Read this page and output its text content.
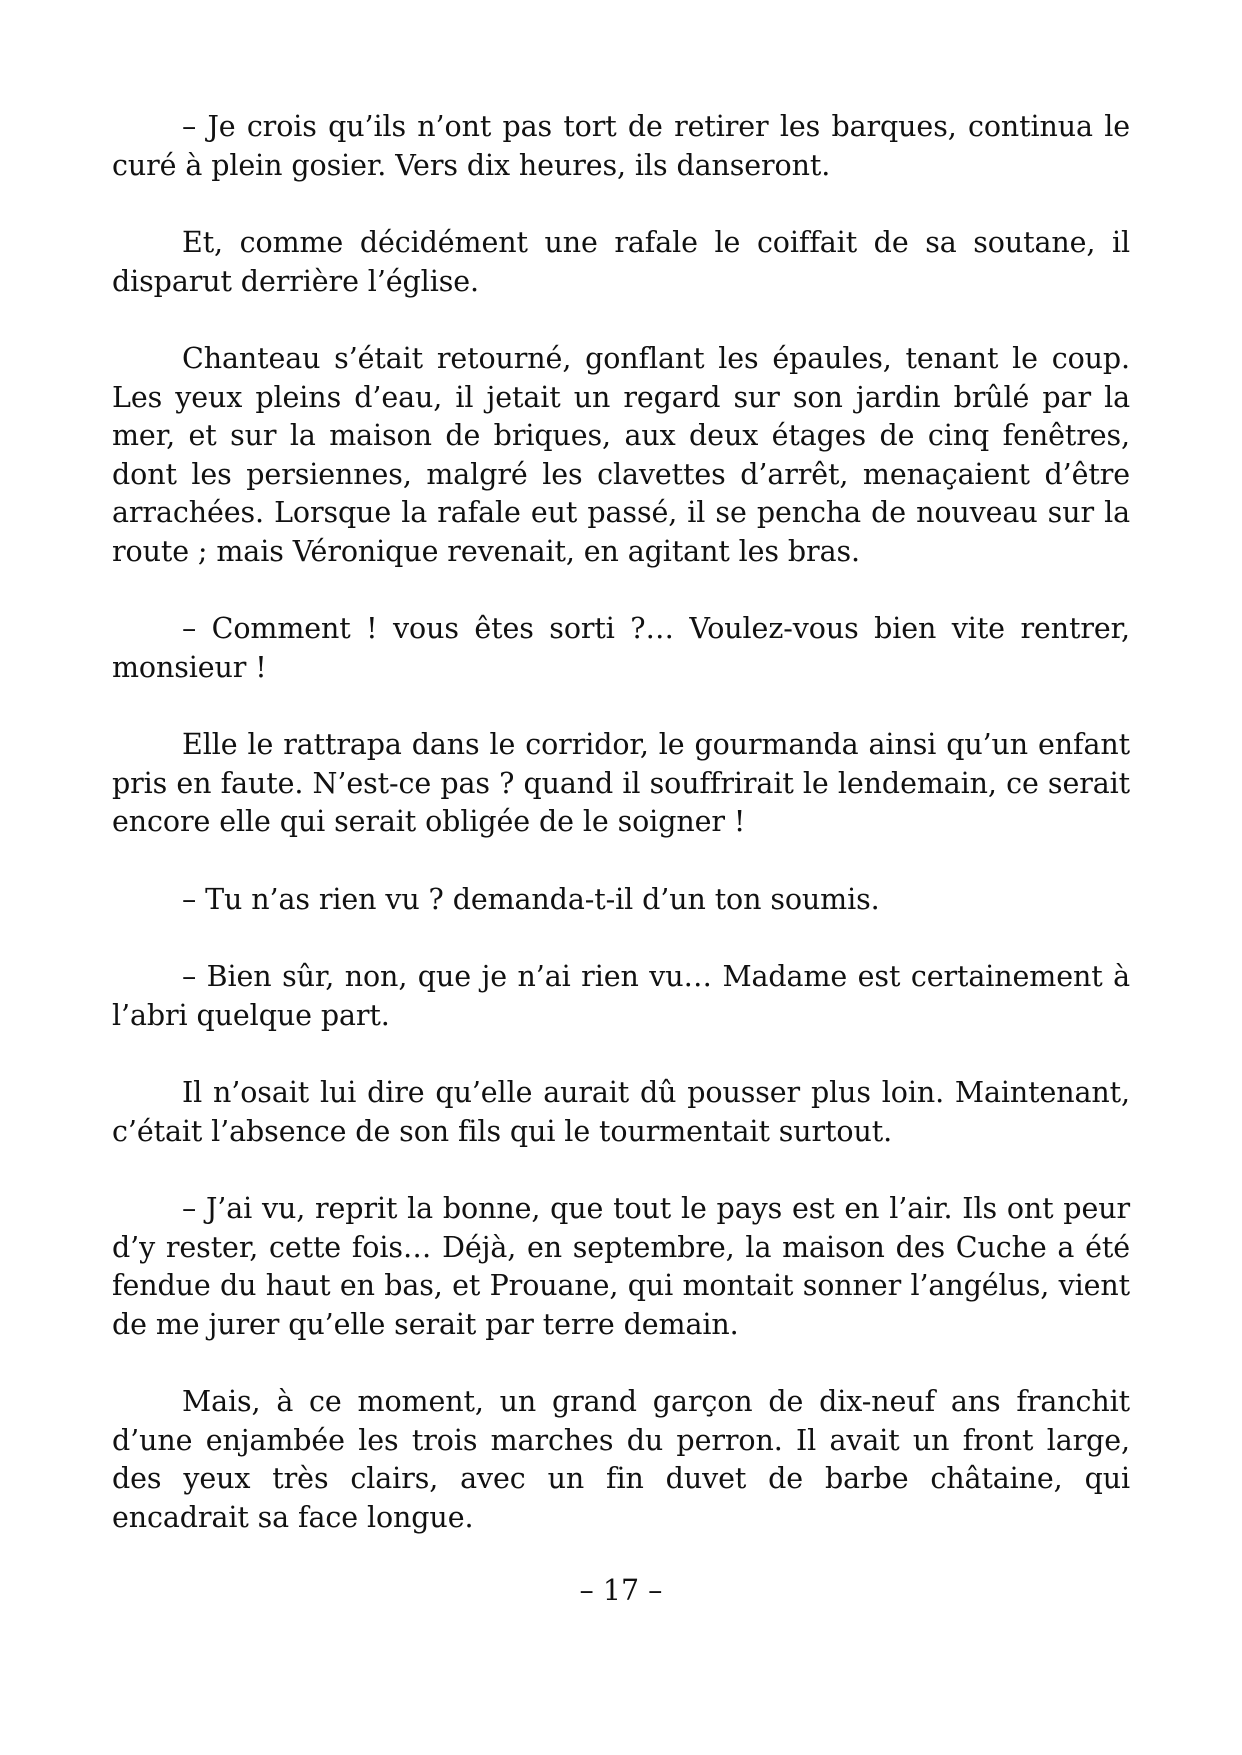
– Je crois qu’ils n’ont pas tort de retirer les barques, continua le curé à plein gosier. Vers dix heures, ils danseront.

Et, comme décidément une rafale le coiffait de sa soutane, il disparut derrière l’église.

Chanteau s’était retourné, gonflant les épaules, tenant le coup. Les yeux pleins d’eau, il jetait un regard sur son jardin brûlé par la mer, et sur la maison de briques, aux deux étages de cinq fenêtres, dont les persiennes, malgré les clavettes d’arrêt, menaçaient d’être arrachées. Lorsque la rafale eut passé, il se pencha de nouveau sur la route ; mais Véronique revenait, en agitant les bras.

– Comment ! vous êtes sorti ?… Voulez-vous bien vite rentrer, monsieur !

Elle le rattrapa dans le corridor, le gourmanda ainsi qu’un enfant pris en faute. N’est-ce pas ? quand il souffrirait le lendemain, ce serait encore elle qui serait obligée de le soigner !

– Tu n’as rien vu ? demanda-t-il d’un ton soumis.

– Bien sûr, non, que je n’ai rien vu… Madame est certainement à l’abri quelque part.

Il n’osait lui dire qu’elle aurait dû pousser plus loin. Maintenant, c’était l’absence de son fils qui le tourmentait surtout.

– J’ai vu, reprit la bonne, que tout le pays est en l’air. Ils ont peur d’y rester, cette fois… Déjà, en septembre, la maison des Cuche a été fendue du haut en bas, et Prouane, qui montait sonner l’angélus, vient de me jurer qu’elle serait par terre demain.

Mais, à ce moment, un grand garçon de dix-neuf ans franchit d’une enjambée les trois marches du perron. Il avait un front large, des yeux très clairs, avec un fin duvet de barbe châtaine, qui encadrait sa face longue.

– 17 –
